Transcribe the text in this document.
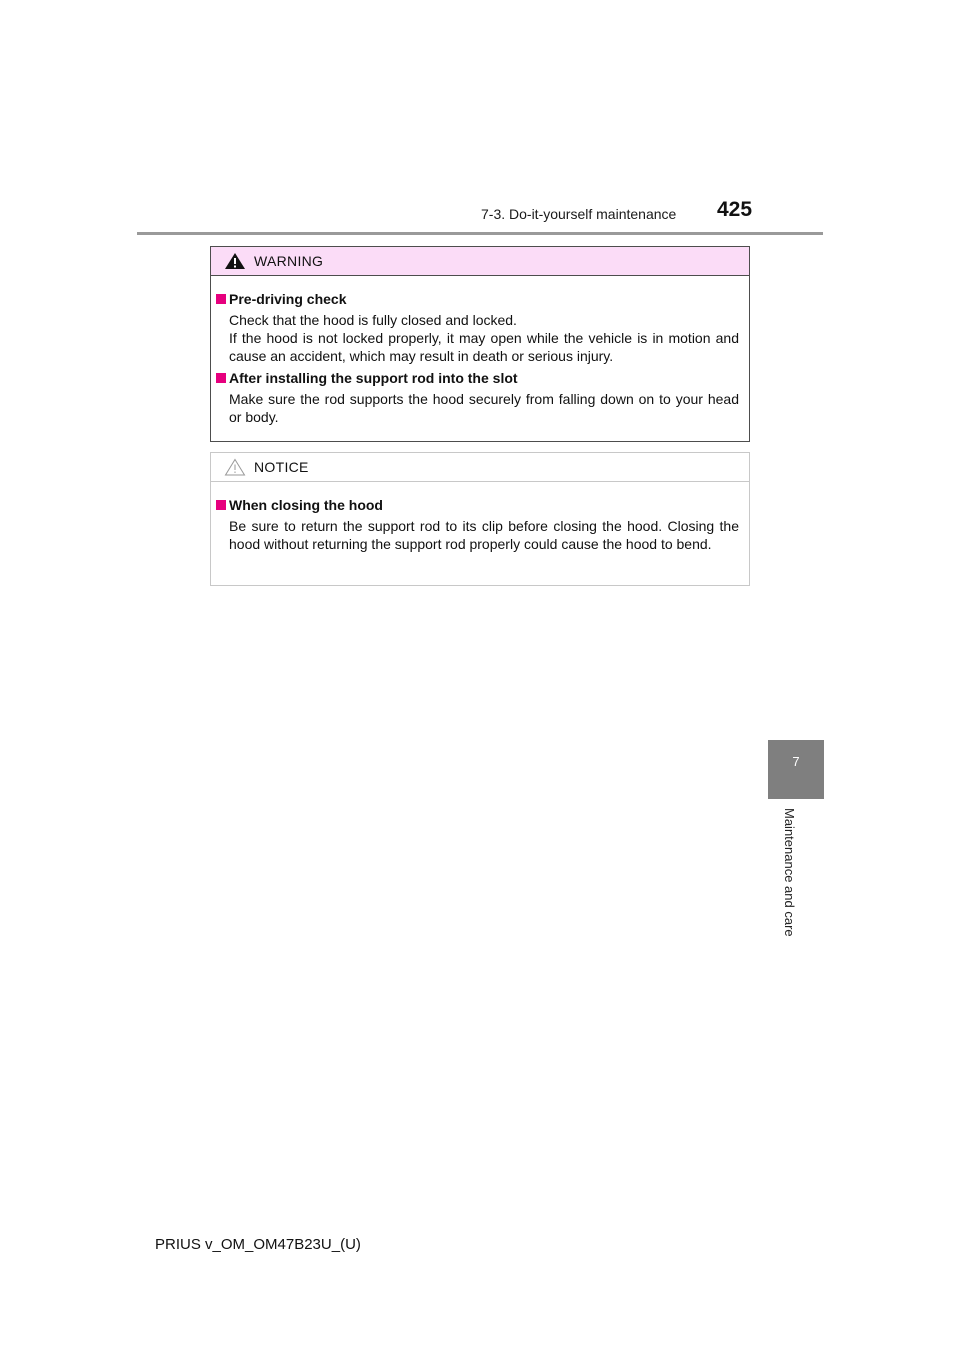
7-3. Do-it-yourself maintenance 425
7
Maintenance and care
WARNING
Pre-driving check
Check that the hood is fully closed and locked.
If the hood is not locked properly, it may open while the vehicle is in motion and cause an accident, which may result in death or serious injury.
After installing the support rod into the slot
Make sure the rod supports the hood securely from falling down on to your head or body.
NOTICE
When closing the hood
Be sure to return the support rod to its clip before closing the hood. Closing the hood without returning the support rod properly could cause the hood to bend.
PRIUS v_OM_OM47B23U_(U)
